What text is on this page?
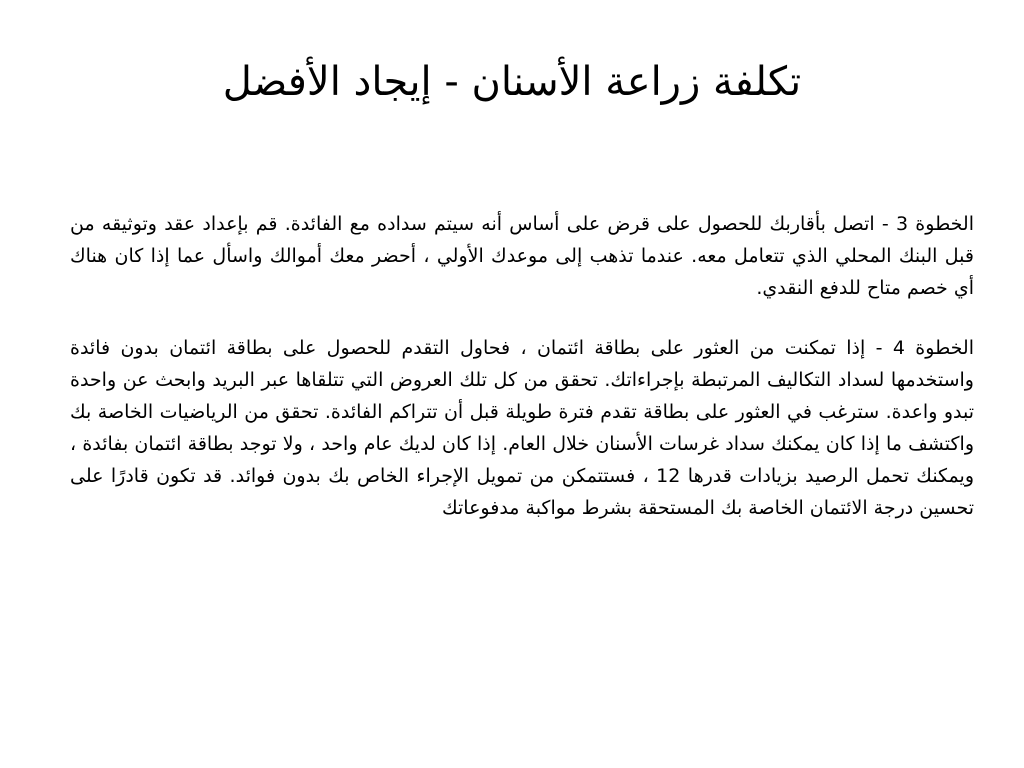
تكلفة زراعة الأسنان - إيجاد الأفضل

الخطوة 3 - اتصل بأقاربك للحصول على قرض على أساس أنه سيتم سداده مع الفائدة. قم بإعداد عقد وتوثيقه من قبل البنك المحلي الذي تتعامل معه. عندما تذهب إلى موعدك الأولي ، أحضر معك أموالك واسأل عما إذا كان هناك أي خصم متاح للدفع النقدي.

الخطوة 4 - إذا تمكنت من العثور على بطاقة ائتمان ، فحاول التقدم للحصول على بطاقة ائتمان بدون فائدة واستخدمها لسداد التكاليف المرتبطة بإجراءاتك. تحقق من كل تلك العروض التي تتلقاها عبر البريد وابحث عن واحدة تبدو واعدة. سترغب في العثور على بطاقة تقدم فترة طويلة قبل أن تتراكم الفائدة. تحقق من الرياضيات الخاصة بك واكتشف ما إذا كان يمكنك سداد غرسات الأسنان خلال العام. إذا كان لديك عام واحد ، ولا توجد بطاقة ائتمان بفائدة ، ويمكنك تحمل الرصيد بزيادات قدرها 12 ، فستتمكن من تمويل الإجراء الخاص بك بدون فوائد. قد تكون قادرًا على تحسين درجة الائتمان الخاصة بك المستحقة بشرط مواكبة مدفوعاتك
